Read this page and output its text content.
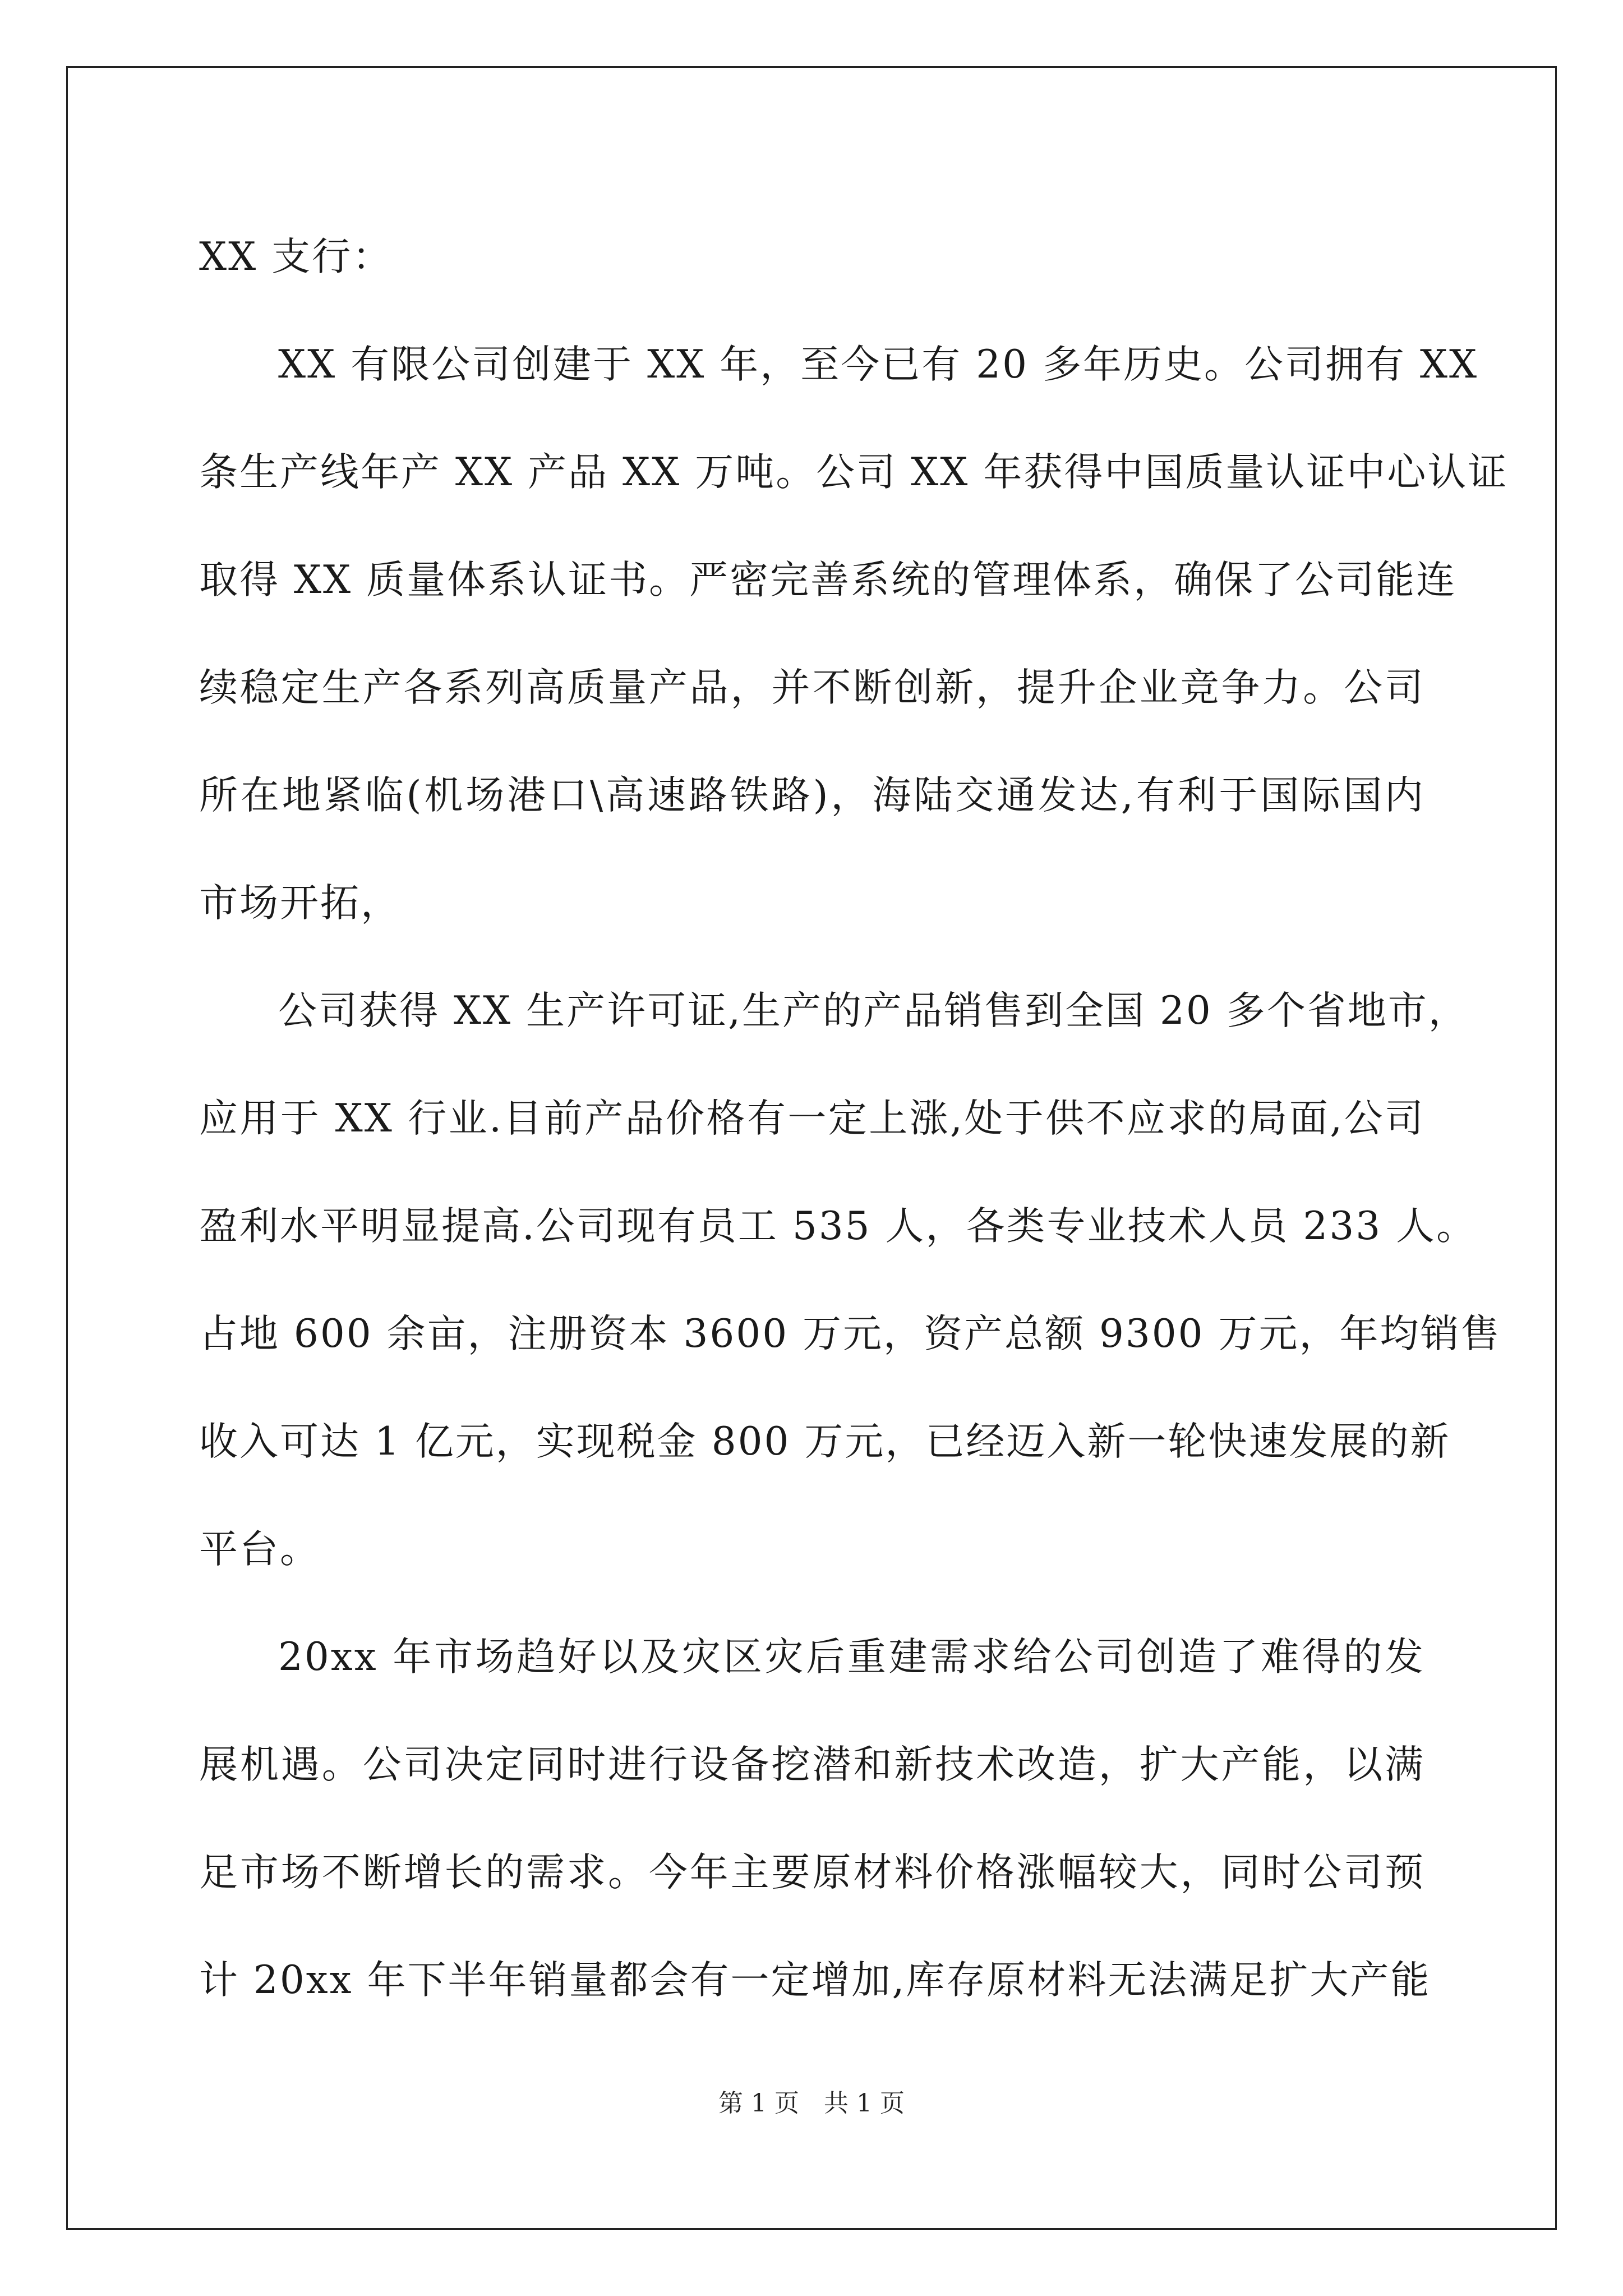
XX 支行：
XX 有限公司创建于 XX 年，至今已有 20 多年历史。公司拥有 XX
条生产线年产 XX 产品 XX 万吨。公司 XX 年获得中国质量认证中心认证
取得 XX 质量体系认证书。严密完善系统的管理体系，确保了公司能连
续稳定生产各系列高质量产品，并不断创新，提升企业竞争力。公司
所在地紧临(机场港口\高速路铁路)，海陆交通发达,有利于国际国内
市场开拓，
公司获得 XX 生产许可证,生产的产品销售到全国 20 多个省地市，
应用于 XX 行业.目前产品价格有一定上涨,处于供不应求的局面,公司
盈利水平明显提高.公司现有员工 535 人，各类专业技术人员 233 人。
占地 600 余亩，注册资本 3600 万元，资产总额 9300 万元，年均销售
收入可达 1 亿元，实现税金 800 万元，已经迈入新一轮快速发展的新
平台。
20xx 年市场趋好以及灾区灾后重建需求给公司创造了难得的发
展机遇。公司决定同时进行设备挖潜和新技术改造，扩大产能，以满
足市场不断增长的需求。今年主要原材料价格涨幅较大，同时公司预
计 20xx 年下半年销量都会有一定增加,库存原材料无法满足扩大产能
第 1 页　共 1 页
